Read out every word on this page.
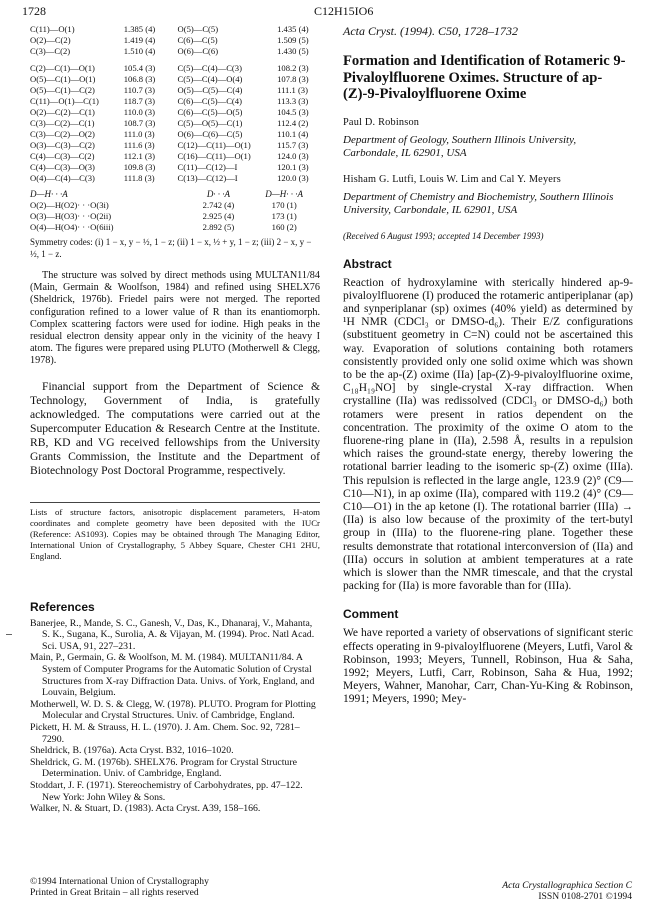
1728	C12H15IO6
C(11)—O(1)	1.385 (4)	O(5)—C(5)	1.435 (4)
O(2)—C(2)	1.419 (4)	C(6)—C(5)	1.509 (5)
C(3)—C(2)	1.510 (4)	O(6)—C(6)	1.430 (5)

C(2)—C(1)—O(1)	105.4 (3)	C(5)—C(4)—C(3)	108.2 (3)
O(5)—C(1)—O(1)	106.8 (3)	C(5)—C(4)—O(4)	107.8 (3)
O(5)—C(1)—C(2)	110.7 (3)	O(5)—C(5)—C(4)	111.1 (3)
C(11)—O(1)—C(1)	118.7 (3)	C(6)—C(5)—C(4)	113.3 (3)
O(2)—C(2)—C(1)	110.0 (3)	C(6)—C(5)—O(5)	104.5 (3)
C(3)—C(2)—C(1)	108.7 (3)	C(5)—O(5)—C(1)	112.4 (2)
C(3)—C(2)—O(2)	111.0 (3)	O(6)—C(6)—C(5)	110.1 (4)
O(3)—C(3)—C(2)	111.6 (3)	C(12)—C(11)—O(1)	115.7 (3)
C(4)—C(3)—C(2)	112.1 (3)	C(16)—C(11)—O(1)	124.0 (3)
C(4)—C(3)—O(3)	109.8 (3)	C(11)—C(12)—I	120.1 (3)
O(4)—C(4)—C(3)	111.8 (3)	C(13)—C(12)—I	120.0 (3)
D—H· · ·A	D· · ·A	D—H· · ·A
O(2)—H(O2)· · ·O(3i)	2.742 (4)	170 (1)
O(3)—H(O3)· · ·O(2ii)	2.925 (4)	173 (1)
O(4)—H(O4)· · ·O(6iii)	2.892 (5)	160 (2)
Symmetry codes: (i) 1 − x, y − ½, 1 − z; (ii) 1 − x, ½ + y, 1 − z; (iii) 2 − x, y − ½, 1 − z.

The structure was solved by direct methods using MULTAN11/84 (Main, Germain & Woolfson, 1984) and refined using SHELX76 (Sheldrick, 1976b). Friedel pairs were not merged. The reported configuration refined to a lower value of R than its enantiomorph. Complex scattering factors were used for iodine. High peaks in the residual electron density appear only in the vicinity of the heavy I atom. The figures were prepared using PLUTO (Motherwell & Clegg, 1978).

Financial support from the Department of Science & Technology, Government of India, is gratefully acknowledged. The computations were carried out at the Supercomputer Education & Research Centre at the Institute. RB, KD and VG received fellowships from the University Grants Commission, the Institute and the Department of Biotechnology Post Doctoral Programme, respectively.

Lists of structure factors, anisotropic displacement parameters, H-atom coordinates and complete geometry have been deposited with the IUCr (Reference: AS1093). Copies may be obtained through The Managing Editor, International Union of Crystallography, 5 Abbey Square, Chester CH1 2HU, England.
References
Banerjee, R., Mande, S. C., Ganesh, V., Das, K., Dhanaraj, V., Mahanta, S. K., Sugana, K., Surolia, A. & Vijayan, M. (1994). Proc. Natl Acad. Sci. USA, 91, 227–231.
Main, P., Germain, G. & Woolfson, M. M. (1984). MULTAN11/84. A System of Computer Programs for the Automatic Solution of Crystal Structures from X-ray Diffraction Data. Univs. of York, England, and Louvain, Belgium.
Motherwell, W. D. S. & Clegg, W. (1978). PLUTO. Program for Plotting Molecular and Crystal Structures. Univ. of Cambridge, England.
Pickett, H. M. & Strauss, H. L. (1970). J. Am. Chem. Soc. 92, 7281–7290.
Sheldrick, B. (1976a). Acta Cryst. B32, 1016–1020.
Sheldrick, G. M. (1976b). SHELX76. Program for Crystal Structure Determination. Univ. of Cambridge, England.
Stoddart, J. F. (1971). Stereochemistry of Carbohydrates, pp. 47–122. New York: John Wiley & Sons.
Walker, N. & Stuart, D. (1983). Acta Cryst. A39, 158–166.
Acta Cryst. (1994). C50, 1728–1732
Formation and Identification of Rotameric 9-Pivaloylfluorene Oximes. Structure of ap-(Z)-9-Pivaloylfluorene Oxime
Paul D. Robinson
Department of Geology, Southern Illinois University, Carbondale, IL 62901, USA
Hisham G. Lutfi, Louis W. Lim and Cal Y. Meyers
Department of Chemistry and Biochemistry, Southern Illinois University, Carbondale, IL 62901, USA
(Received 6 August 1993; accepted 14 December 1993)
Abstract
Reaction of hydroxylamine with sterically hindered ap-9-pivaloylfluorene (I) produced the rotameric antiperiplanar (ap) and synperiplanar (sp) oximes (40% yield) as determined by ¹H NMR (CDCl₃ or DMSO-d₆). Their E/Z configurations (substituent geometry in C=N) could not be ascertained this way. Evaporation of solutions containing both rotamers consistently provided only one solid oxime which was shown to be the ap-(Z) oxime (IIa) [ap-(Z)-9-pivaloylfluorine oxime, C₁₈H₁₉NO] by single-crystal X-ray diffraction. When crystalline (IIa) was redissolved (CDCl₃ or DMSO-d₆) both rotamers were present in ratios dependent on the concentration. The proximity of the oxime O atom to the fluorene-ring plane in (IIa), 2.598 Å, results in a repulsion which raises the ground-state energy, thereby lowering the rotational barrier leading to the isomeric sp-(Z) oxime (IIIa). This repulsion is reflected in the large angle, 123.9 (2)° (C9—C10—N1), in ap oxime (IIa), compared with 119.2 (4)° (C9—C10—O1) in the ap ketone (I). The rotational barrier (IIIa) → (IIa) is also low because of the proximity of the tert-butyl group in (IIIa) to the fluorene-ring plane. Together these results demonstrate that rotational interconversion of (IIa) and (IIIa) occurs in solution at ambient temperatures at a rate which is slower than the NMR timescale, and that the crystal packing for (IIa) is more favorable than for (IIIa).
Comment
We have reported a variety of observations of significant steric effects operating in 9-pivaloylfluorene (Meyers, Lutfi, Varol & Robinson, 1993; Meyers, Tunnell, Robinson, Hua & Saha, 1992; Meyers, Lutfi, Carr, Robinson, Saha & Hua, 1992; Meyers, Wahner, Manohar, Carr, Chan-Yu-King & Robinson, 1991; Meyers, 1990; Mey-
©1994 International Union of Crystallography
Printed in Great Britain – all rights reserved
Acta Crystallographica Section C
ISSN 0108-2701 ©1994
